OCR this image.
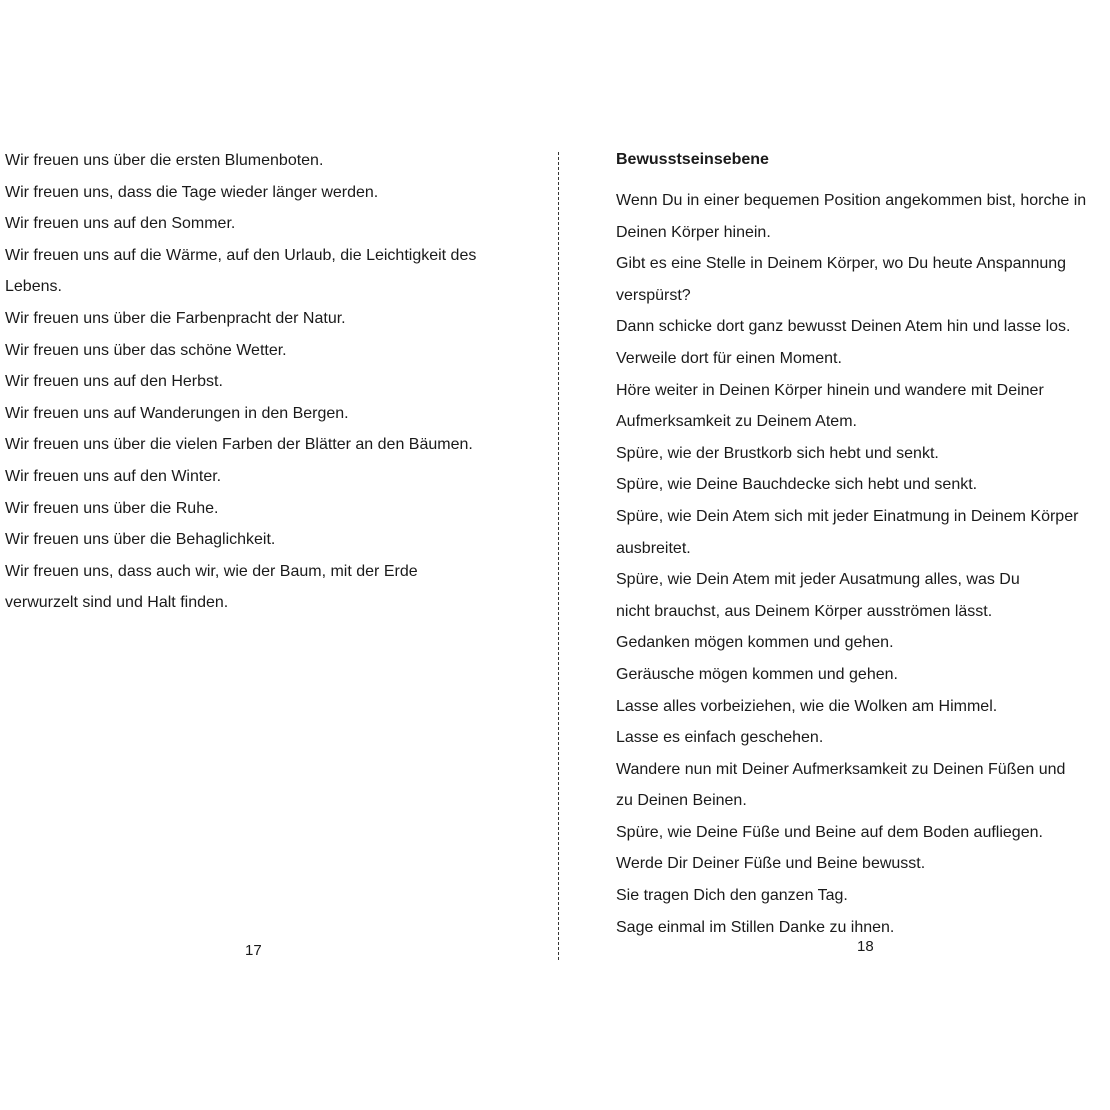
Wir freuen uns über die ersten Blumenboten.
Wir freuen uns, dass die Tage wieder länger werden.
Wir freuen uns auf den Sommer.
Wir freuen uns auf die Wärme, auf den Urlaub, die Leichtigkeit des
Lebens.
Wir freuen uns über die Farbenpracht der Natur.
Wir freuen uns über das schöne Wetter.
Wir freuen uns auf den Herbst.
Wir freuen uns auf Wanderungen in den Bergen.
Wir freuen uns über die vielen Farben der Blätter an den Bäumen.
Wir freuen uns auf den Winter.
Wir freuen uns über die Ruhe.
Wir freuen uns über die Behaglichkeit.
Wir freuen uns, dass auch wir, wie der Baum, mit der Erde
verwurzelt sind und Halt finden.
17
Bewusstseinsebene
Wenn Du in einer bequemen Position angekommen bist, horche in
Deinen Körper hinein.
Gibt es eine Stelle in Deinem Körper, wo Du heute Anspannung
verspürst?
Dann schicke dort ganz bewusst Deinen Atem hin und lasse los.
Verweile dort für einen Moment.
Höre weiter in Deinen Körper hinein und wandere mit Deiner
Aufmerksamkeit zu Deinem Atem.
Spüre, wie der Brustkorb sich hebt und senkt.
Spüre, wie Deine Bauchdecke sich hebt und senkt.
Spüre, wie Dein Atem sich mit jeder Einatmung in Deinem Körper
ausbreitet.
Spüre, wie Dein Atem mit jeder Ausatmung alles, was Du
nicht brauchst, aus Deinem Körper ausströmen lässt.
Gedanken mögen kommen und gehen.
Geräusche mögen kommen und gehen.
Lasse alles vorbeiziehen, wie die Wolken am Himmel.
Lasse es einfach geschehen.
Wandere nun mit Deiner Aufmerksamkeit zu Deinen Füßen und
zu Deinen Beinen.
Spüre, wie Deine Füße und Beine auf dem Boden aufliegen.
Werde Dir Deiner Füße und Beine bewusst.
Sie tragen Dich den ganzen Tag.
Sage einmal im Stillen Danke zu ihnen.
18
